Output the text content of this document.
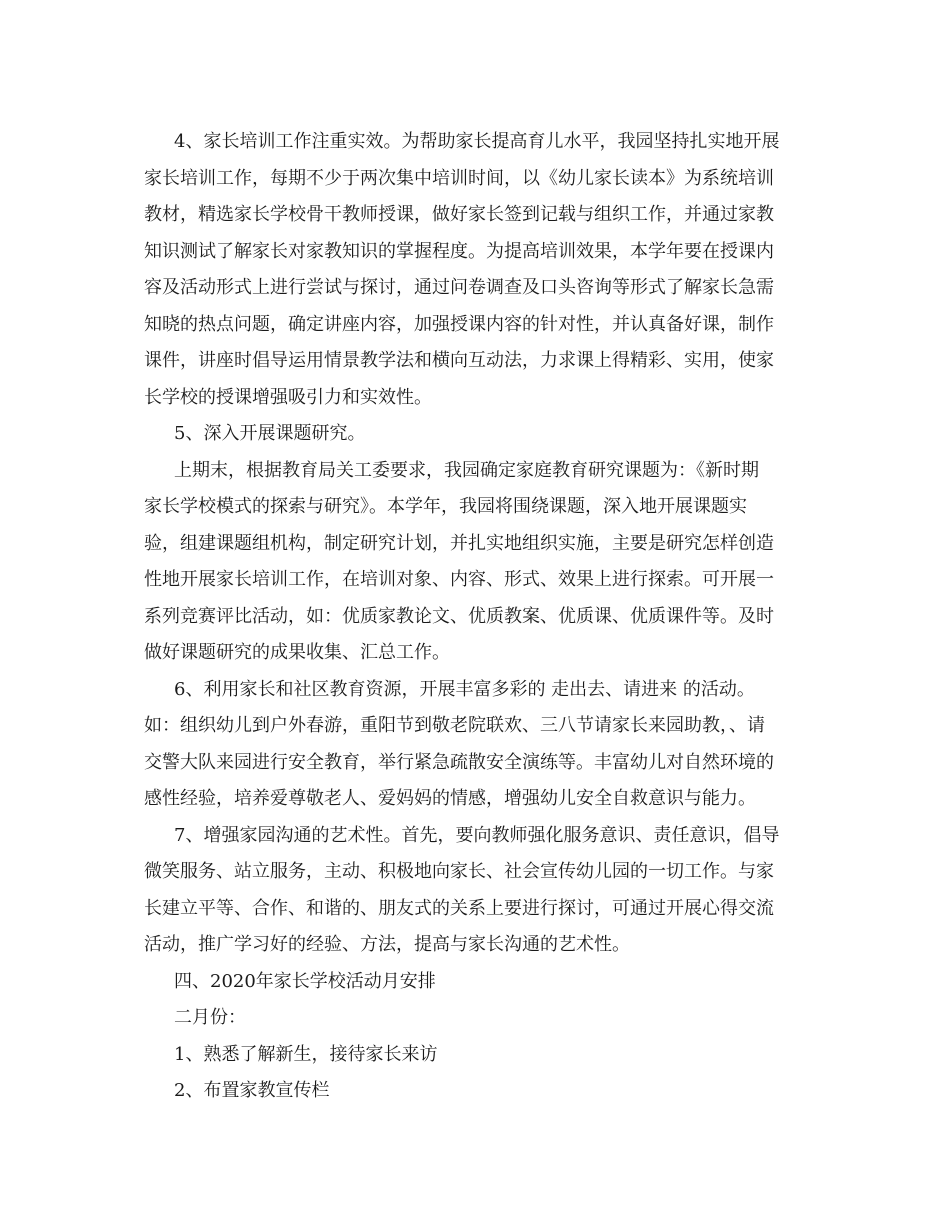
4、家长培训工作注重实效。为帮助家长提高育儿水平，我园坚持扎实地开展
家长培训工作，每期不少于两次集中培训时间，以《幼儿家长读本》为系统培训
教材，精选家长学校骨干教师授课，做好家长签到记载与组织工作，并通过家教
知识测试了解家长对家教知识的掌握程度。为提高培训效果，本学年要在授课内
容及活动形式上进行尝试与探讨，通过问卷调查及口头咨询等形式了解家长急需
知晓的热点问题，确定讲座内容，加强授课内容的针对性，并认真备好课，制作
课件，讲座时倡导运用情景教学法和横向互动法，力求课上得精彩、实用，使家
长学校的授课增强吸引力和实效性。
5、深入开展课题研究。
上期末，根据教育局关工委要求，我园确定家庭教育研究课题为：《新时期
家长学校模式的探索与研究》。本学年，我园将围绕课题，深入地开展课题实
验，组建课题组机构，制定研究计划，并扎实地组织实施，主要是研究怎样创造
性地开展家长培训工作，在培训对象、内容、形式、效果上进行探索。可开展一
系列竞赛评比活动，如：优质家教论文、优质教案、优质课、优质课件等。及时
做好课题研究的成果收集、汇总工作。
6、利用家长和社区教育资源，开展丰富多彩的 走出去、请进来 的活动。
如：组织幼儿到户外春游，重阳节到敬老院联欢、三八节请家长来园助教，、请
交警大队来园进行安全教育，举行紧急疏散安全演练等。丰富幼儿对自然环境的
感性经验，培养爱尊敬老人、爱妈妈的情感，增强幼儿安全自救意识与能力。
7、增强家园沟通的艺术性。首先，要向教师强化服务意识、责任意识，倡导
微笑服务、站立服务，主动、积极地向家长、社会宣传幼儿园的一切工作。与家
长建立平等、合作、和谐的、朋友式的关系上要进行探讨，可通过开展心得交流
活动，推广学习好的经验、方法，提高与家长沟通的艺术性。
四、2020年家长学校活动月安排
二月份：
1、熟悉了解新生，接待家长来访
2、布置家教宣传栏
